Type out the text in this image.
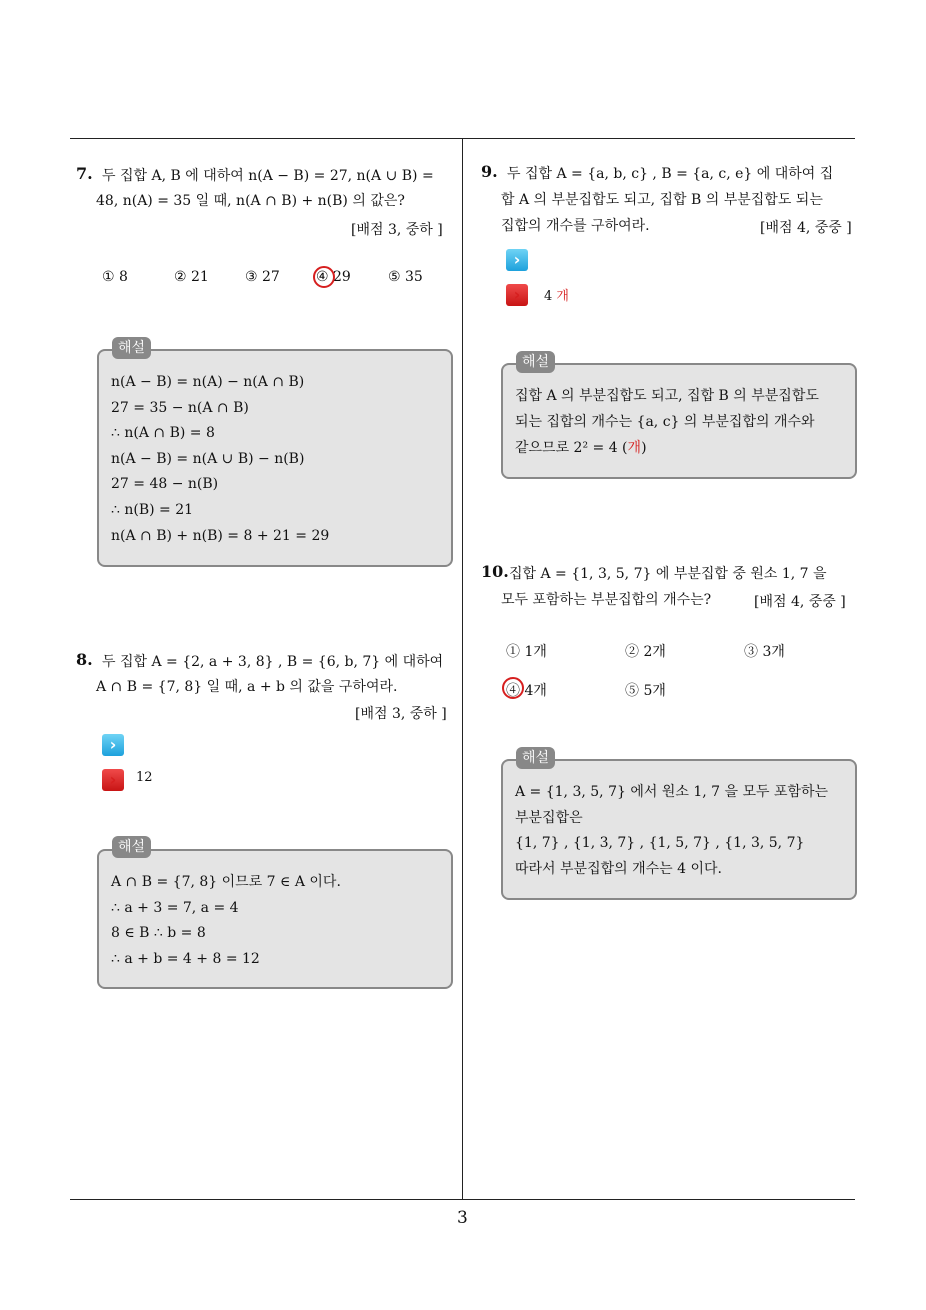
3
7. 두 집합 A, B 에 대하여 n(A − B) = 27, n(A ∪ B) =
48, n(A) = 35 일 때, n(A ∩ B) + n(B) 의 값은?
[배점 3, 중하 ]
① 8	② 21	③ 27	④ 29	⑤ 35
n(A − B) = n(A) − n(A ∩ B)
27 = 35 − n(A ∩ B)
∴ n(A ∩ B) = 8
n(A − B) = n(A ∪ B) − n(B)
27 = 48 − n(B)
∴ n(B) = 21
n(A ∩ B) + n(B) = 8 + 21 = 29
해설
8. 두 집합 A = {2, a + 3, 8} , B = {6, b, 7} 에 대하여
A ∩ B = {7, 8} 일 때, a + b 의 값을 구하여라.
[배점 3, 중하 ]
›
›	12
A ∩ B = {7, 8} 이므로 7 ∈ A 이다.
∴ a + 3 = 7, a = 4
8 ∈ B ∴ b = 8
∴ a + b = 4 + 8 = 12
해설
9. 두 집합 A = {a, b, c} , B = {a, c, e} 에 대하여 집
합 A 의 부분집합도 되고, 집합 B 의 부분집합도 되는
집합의 개수를 구하여라.	[배점 4, 중중 ]
›
›	4 개
집합 A 의 부분집합도 되고, 집합 B 의 부분집합도
되는 집합의 개수는 {a, c} 의 부분집합의 개수와
같으므로 2² = 4 (개)
해설
10. 집합 A = {1, 3, 5, 7} 에 부분집합 중 원소 1, 7 을
모두 포함하는 부분집합의 개수는?	[배점 4, 중중 ]
① 1개	② 2개	③ 3개
④ 4개	⑤ 5개
A = {1, 3, 5, 7} 에서 원소 1, 7 을 모두 포함하는
부분집합은
{1, 7} , {1, 3, 7} , {1, 5, 7} , {1, 3, 5, 7}
따라서 부분집합의 개수는 4 이다.
해설
